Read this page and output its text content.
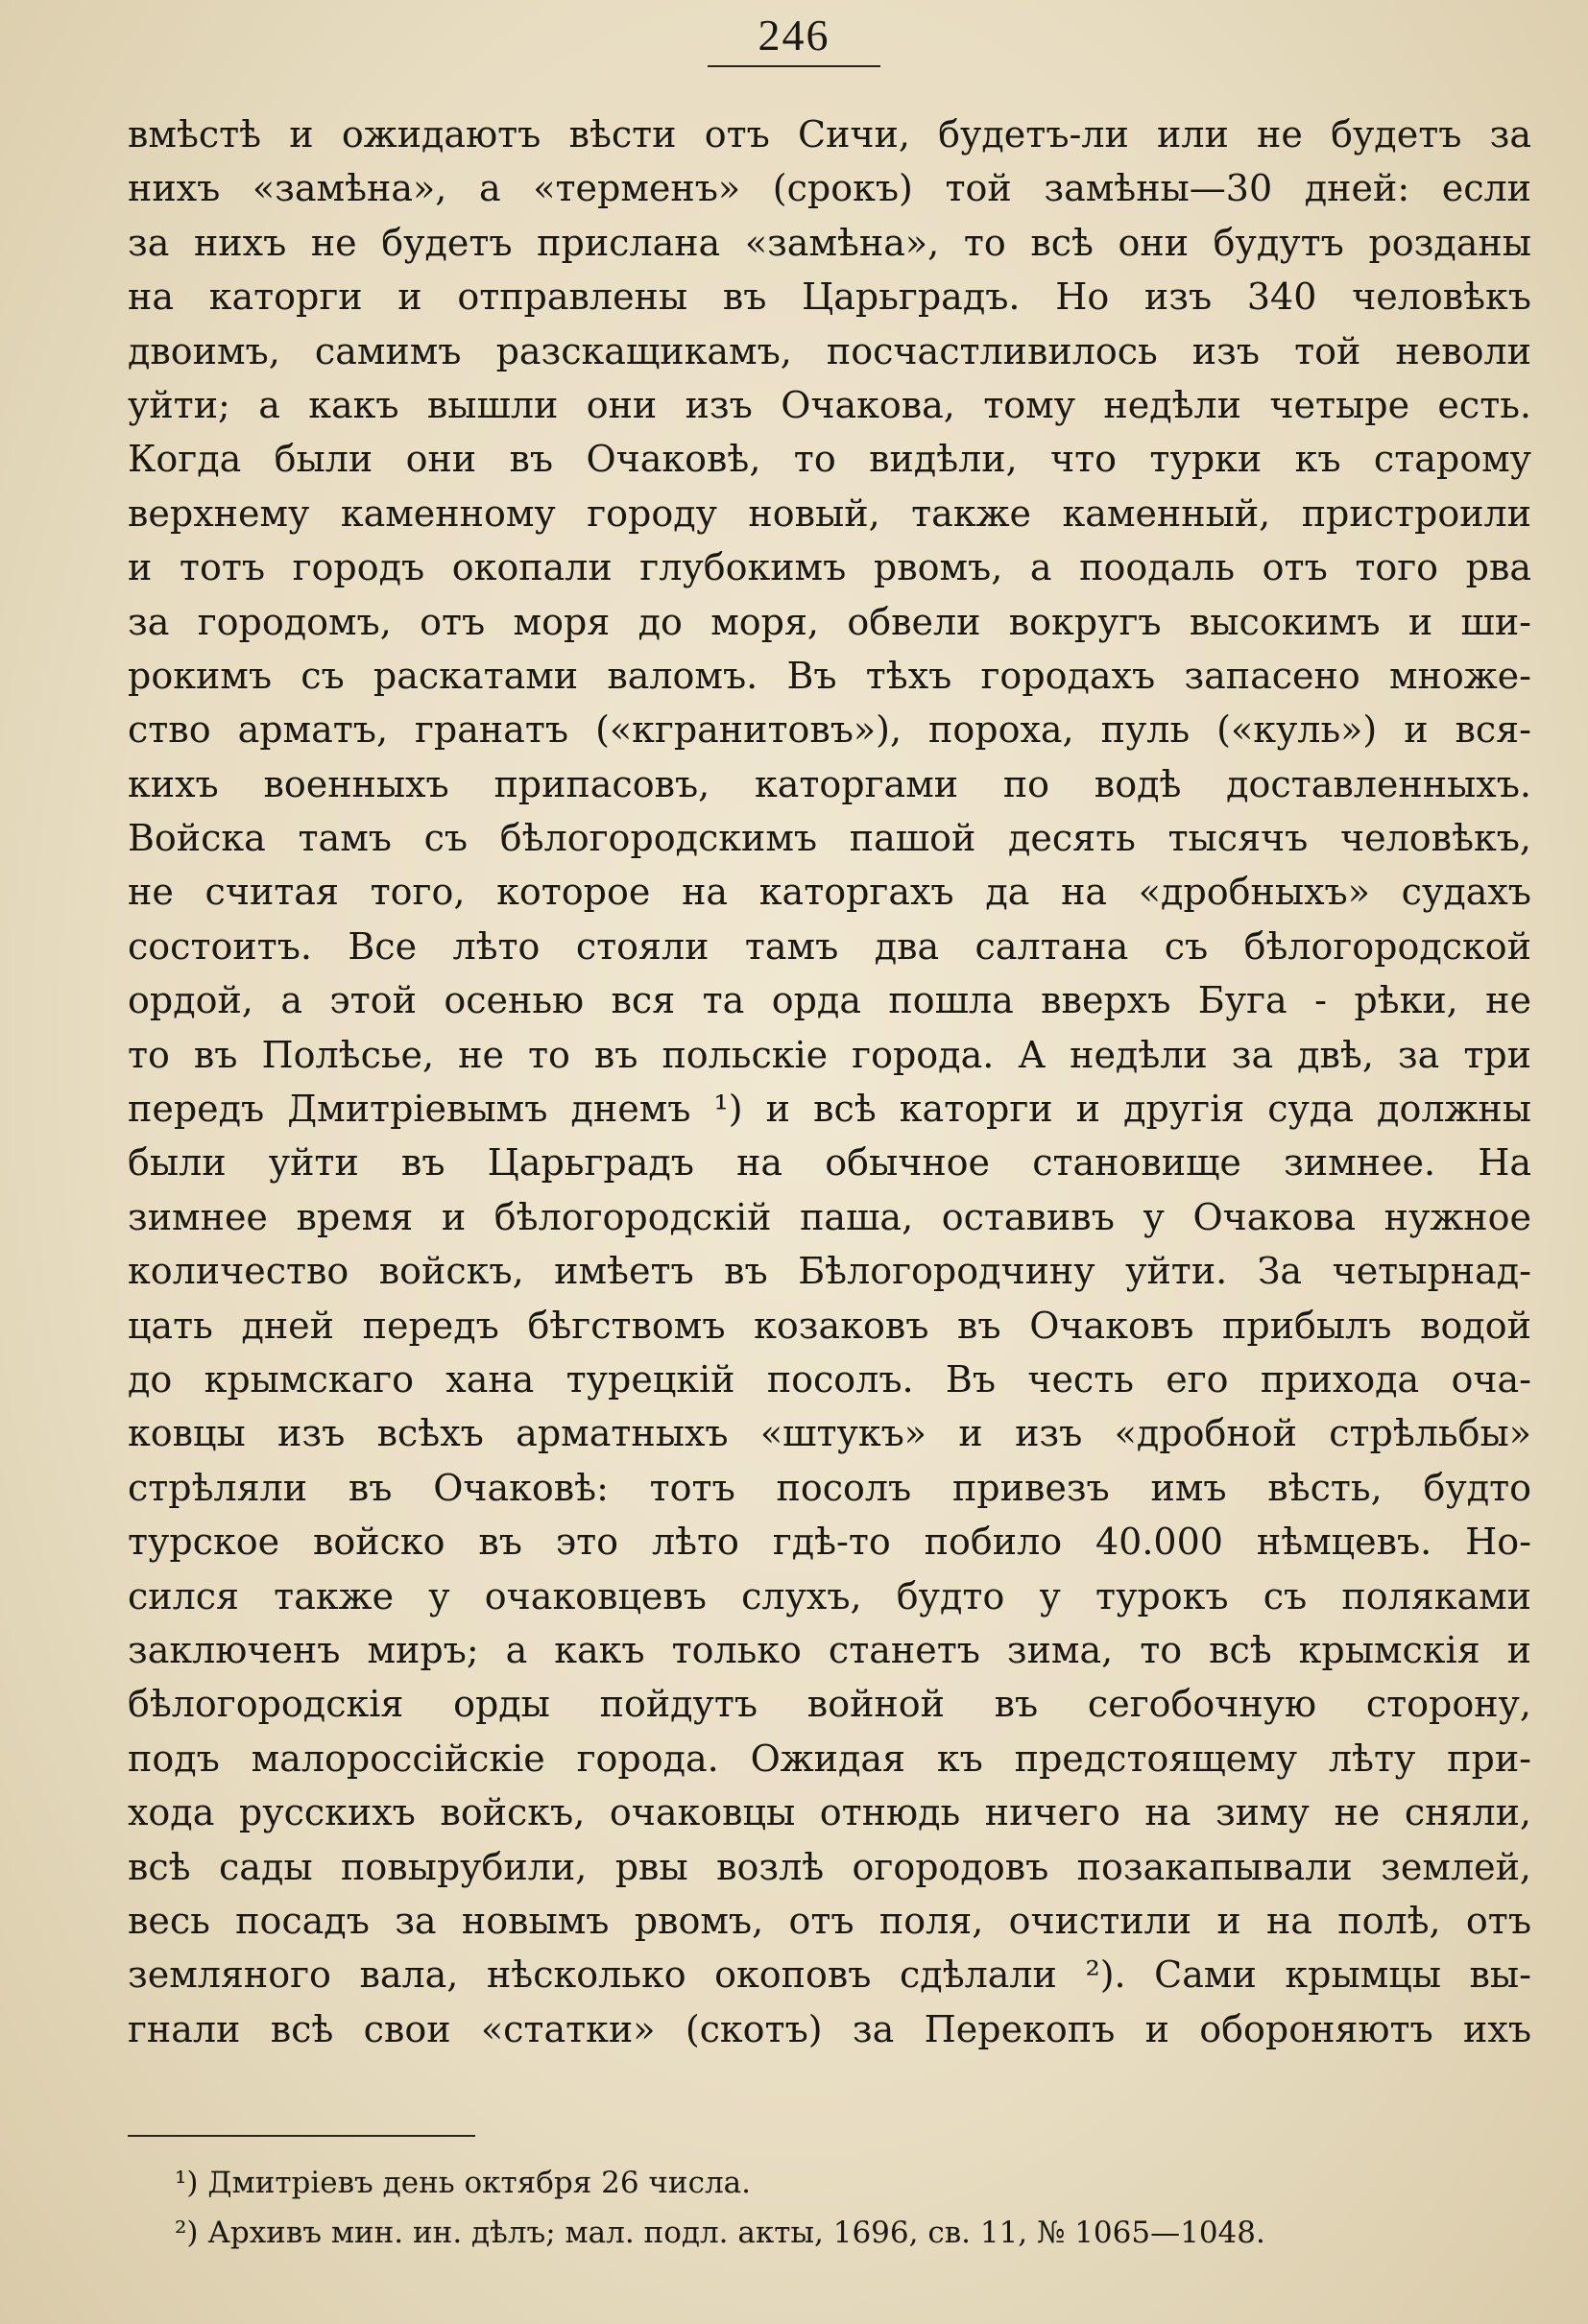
246
вмѣстѣ и ожидаютъ вѣсти отъ Сичи, будетъ-ли или не будетъ за
нихъ «замѣна», а «терменъ» (срокъ) той замѣны—30 дней: если
за нихъ не будетъ прислана «замѣна», то всѣ они будутъ розданы
на каторги и отправлены въ Царьградъ. Но изъ 340 человѣкъ
двоимъ, самимъ разскащикамъ, посчастливилось изъ той неволи
уйти; а какъ вышли они изъ Очакова, тому недѣли четыре есть.
Когда были они въ Очаковѣ, то видѣли, что турки къ старому
верхнему каменному городу новый, также каменный, пристроили
и тотъ городъ окопали глубокимъ рвомъ, а поодаль отъ того рва
за городомъ, отъ моря до моря, обвели вокругъ высокимъ и ши-
рокимъ съ раскатами валомъ. Въ тѣхъ городахъ запасено множе-
ство арматъ, гранатъ («кгранитовъ»), пороха, пуль («куль») и вся-
кихъ военныхъ припасовъ, каторгами по водѣ доставленныхъ.
Войска тамъ съ бѣлогородскимъ пашой десять тысячъ человѣкъ,
не считая того, которое на каторгахъ да на «дробныхъ» судахъ
состоитъ. Все лѣто стояли тамъ два салтана съ бѣлогородской
ордой, а этой осенью вся та орда пошла вверхъ Буга - рѣки, не
то въ Полѣсье, не то въ польскіе города. А недѣли за двѣ, за три
передъ Дмитріевымъ днемъ ¹) и всѣ каторги и другія суда должны
были уйти въ Царьградъ на обычное становище зимнее. На
зимнее время и бѣлогородскій паша, оставивъ у Очакова нужное
количество войскъ, имѣетъ въ Бѣлогородчину уйти. За четырнад-
цать дней передъ бѣгствомъ козаковъ въ Очаковъ прибылъ водой
до крымскаго хана турецкій посолъ. Въ честь его прихода оча-
ковцы изъ всѣхъ арматныхъ «штукъ» и изъ «дробной стрѣльбы»
стрѣляли въ Очаковѣ: тотъ посолъ привезъ имъ вѣсть, будто
турское войско въ это лѣто гдѣ-то побило 40.000 нѣмцевъ. Но-
сился также у очаковцевъ слухъ, будто у турокъ съ поляками
заключенъ миръ; а какъ только станетъ зима, то всѣ крымскія и
бѣлогородскія орды пойдутъ войной въ сегобочную сторону,
подъ малороссійскіе города. Ожидая къ предстоящему лѣту при-
хода русскихъ войскъ, очаковцы отнюдь ничего на зиму не сняли,
всѣ сады повырубили, рвы возлѣ огородовъ позакапывали землей,
весь посадъ за новымъ рвомъ, отъ поля, очистили и на полѣ, отъ
земляного вала, нѣсколько окоповъ сдѣлали ²). Сами крымцы вы-
гнали всѣ свои «статки» (скотъ) за Перекопъ и обороняютъ ихъ
¹) Дмитріевъ день октября 26 числа.
²) Архивъ мин. ин. дѣлъ; мал. подл. акты, 1696, св. 11, № 1065—1048.
